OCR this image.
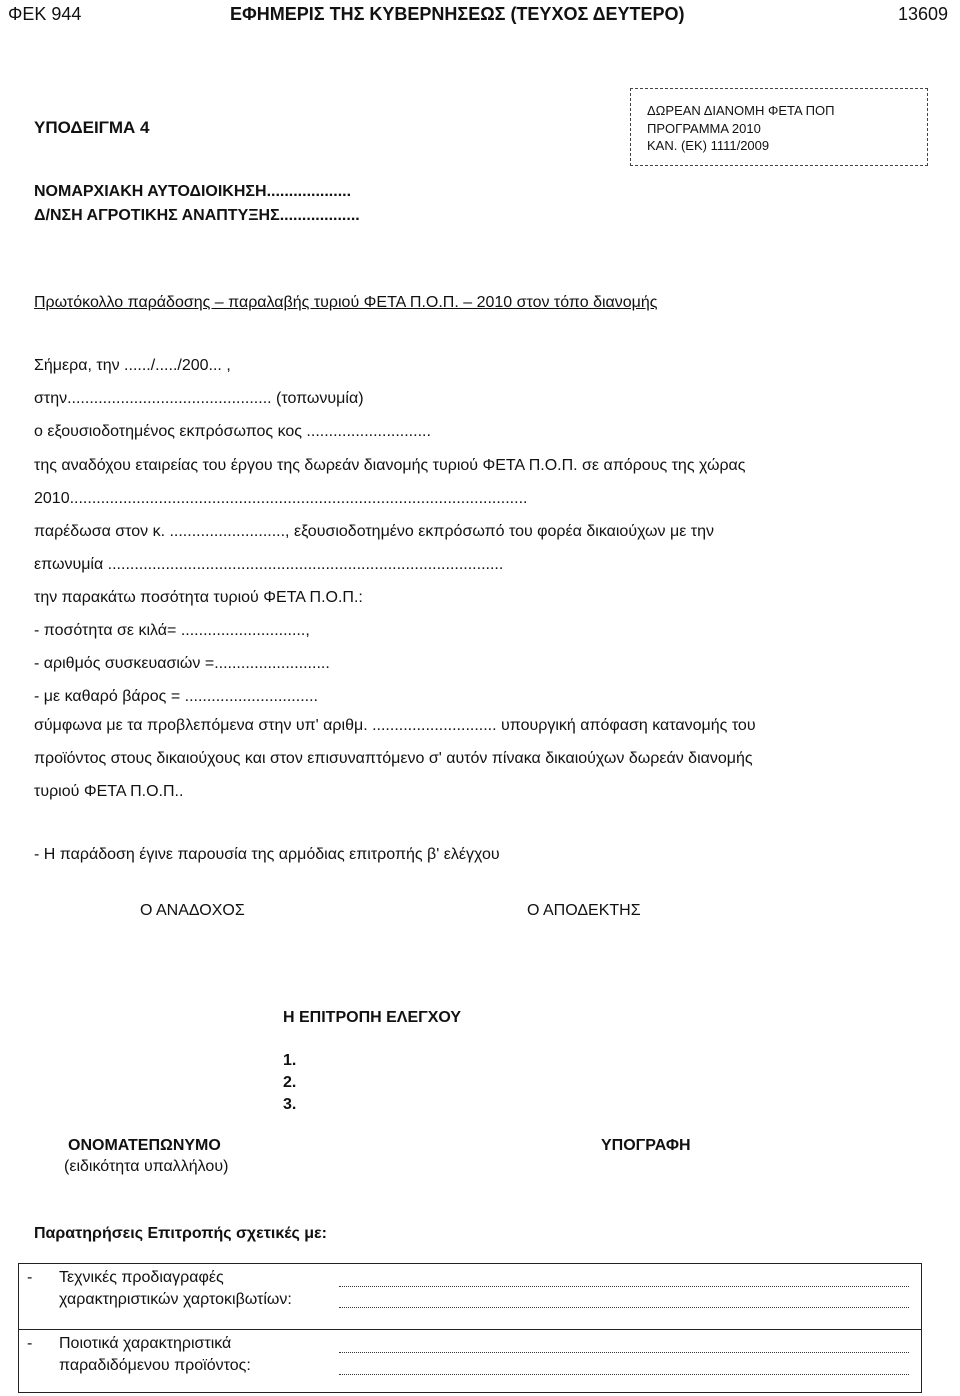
ΦΕΚ 944	ΕΦΗΜΕΡΙΣ ΤΗΣ ΚΥΒΕΡΝΗΣΕΩΣ (ΤΕΥΧΟΣ ΔΕΥΤΕΡΟ)	13609
ΔΩΡΕΑΝ ΔΙΑΝΟΜΗ ΦΕΤΑ ΠΟΠ
ΠΡΟΓΡΑΜΜΑ 2010
ΚΑΝ. (ΕΚ) 1111/2009
ΥΠΟΔΕΙΓΜΑ 4
ΝΟΜΑΡΧΙΑΚΗ ΑΥΤΟΔΙΟΙΚΗΣΗ...................
Δ/ΝΣΗ ΑΓΡΟΤΙΚΗΣ ΑΝΑΠΤΥΞΗΣ..................
Πρωτόκολλο παράδοσης – παραλαβής τυριού ΦΕΤΑ Π.Ο.Π. – 2010 στον τόπο διανομής
Σήμερα, την ....../...../200... ,
στην.............................................. (τοπωνυμία)
ο εξουσιοδοτημένος εκπρόσωπος κος ............................
της αναδόχου εταιρείας του έργου της δωρεάν διανομής τυριού ΦΕΤΑ Π.Ο.Π. σε απόρους της χώρας
2010.......................................................................................................
παρέδωσα στον κ. .........................., εξουσιοδοτημένο εκπρόσωπό του φορέα δικαιούχων με την
επωνυμία .........................................................................................
την παρακάτω ποσότητα τυριού ΦΕΤΑ Π.Ο.Π.:
- ποσότητα σε κιλά= ............................,
- αριθμός συσκευασιών =..........................
- με καθαρό βάρος = ..............................
σύμφωνα με τα προβλεπόμενα στην υπ' αριθμ. ............................ υπουργική απόφαση κατανομής του
προϊόντος στους δικαιούχους και στον επισυναπτόμενο σ' αυτόν πίνακα δικαιούχων δωρεάν διανομής
τυριού ΦΕΤΑ Π.Ο.Π..
- Η παράδοση έγινε παρουσία της αρμόδιας επιτροπής β' ελέγχου
Ο ΑΝΑΔΟΧΟΣ	Ο ΑΠΟΔΕΚΤΗΣ
Η ΕΠΙΤΡΟΠΗ ΕΛΕΓΧΟΥ
1.
2.
3.
ΟΝΟΜΑΤΕΠΩΝΥΜΟ
(ειδικότητα υπαλλήλου)
ΥΠΟΓΡΑΦΗ
Παρατηρήσεις Επιτροπής σχετικές με:
- Τεχνικές προδιαγραφές
χαρακτηριστικών χαρτοκιβωτίων:
- Ποιοτικά χαρακτηριστικά
παραδιδόμενου προϊόντος:
